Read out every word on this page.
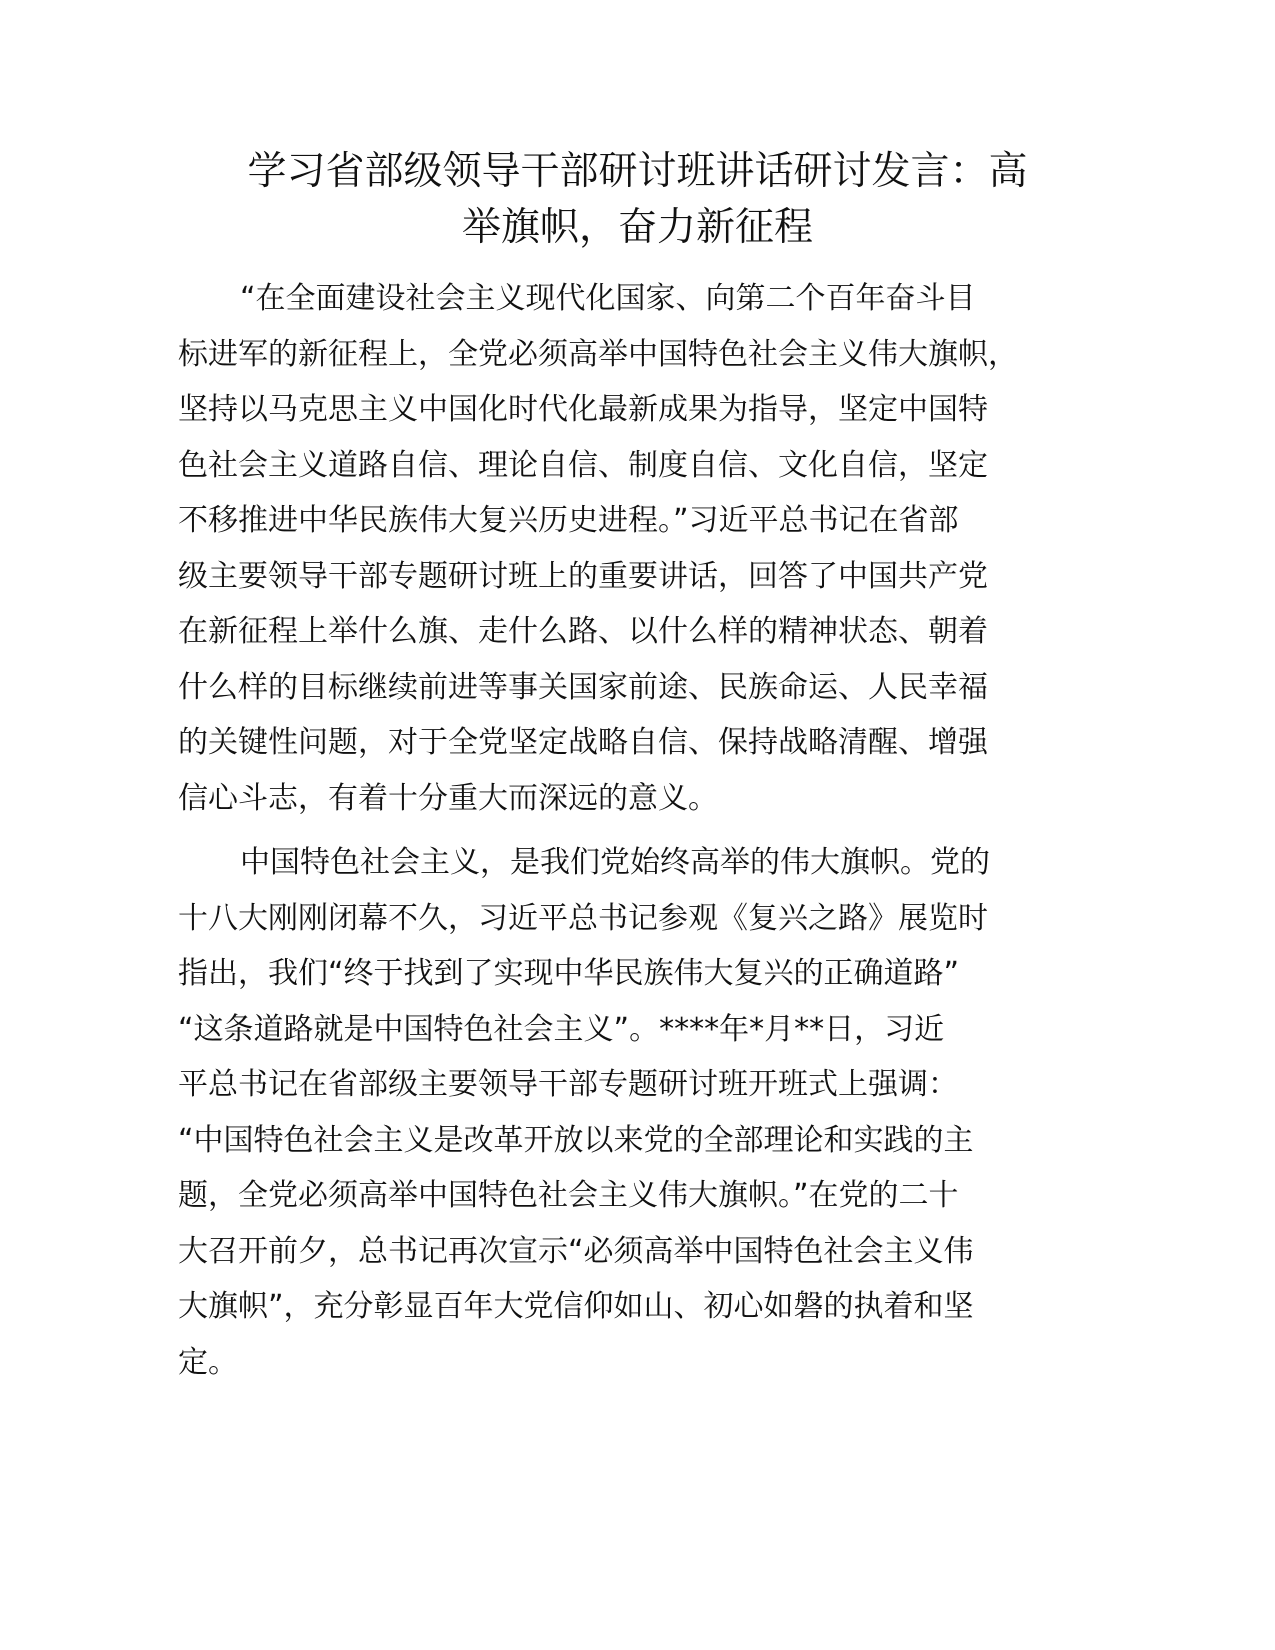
学习省部级领导干部研讨班讲话研讨发言：高
举旗帜，奋力新征程
“在全面建设社会主义现代化国家、向第二个百年奋斗目
标进军的新征程上，全党必须高举中国特色社会主义伟大旗帜，
坚持以马克思主义中国化时代化最新成果为指导，坚定中国特
色社会主义道路自信、理论自信、制度自信、文化自信，坚定
不移推进中华民族伟大复兴历史进程。”习近平总书记在省部
级主要领导干部专题研讨班上的重要讲话，回答了中国共产党
在新征程上举什么旗、走什么路、以什么样的精神状态、朝着
什么样的目标继续前进等事关国家前途、民族命运、人民幸福
的关键性问题，对于全党坚定战略自信、保持战略清醒、增强
信心斗志，有着十分重大而深远的意义。
中国特色社会主义，是我们党始终高举的伟大旗帜。党的
十八大刚刚闭幕不久，习近平总书记参观《复兴之路》展览时
指出，我们“终于找到了实现中华民族伟大复兴的正确道路”
“这条道路就是中国特色社会主义”。****年*月**日，习近
平总书记在省部级主要领导干部专题研讨班开班式上强调：
“中国特色社会主义是改革开放以来党的全部理论和实践的主
题，全党必须高举中国特色社会主义伟大旗帜。”在党的二十
大召开前夕，总书记再次宣示“必须高举中国特色社会主义伟
大旗帜”，充分彰显百年大党信仰如山、初心如磐的执着和坚
定。
